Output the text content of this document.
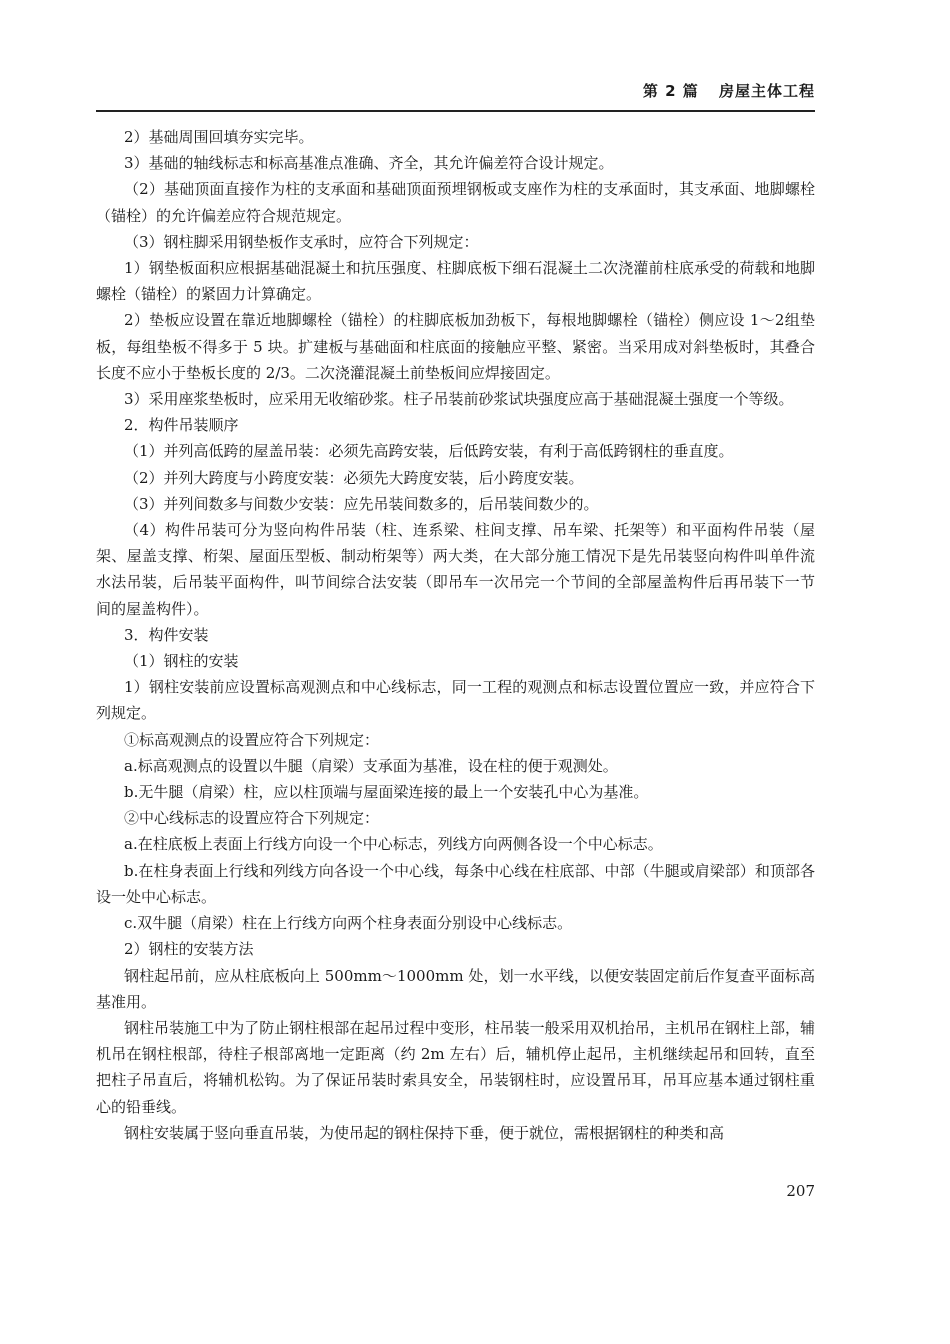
第 2 篇 房屋主体工程

2）基础周围回填夯实完毕。

3）基础的轴线标志和标高基准点准确、齐全，其允许偏差符合设计规定。

（2）基础顶面直接作为柱的支承面和基础顶面预埋钢板或支座作为柱的支承面时，其支承面、地脚螺栓（锚栓）的允许偏差应符合规范规定。

（3）钢柱脚采用钢垫板作支承时，应符合下列规定：

1）钢垫板面积应根据基础混凝土和抗压强度、柱脚底板下细石混凝土二次浇灌前柱底承受的荷载和地脚螺栓（锚栓）的紧固力计算确定。

2）垫板应设置在靠近地脚螺栓（锚栓）的柱脚底板加劲板下，每根地脚螺栓（锚栓）侧应设 1～2组垫板，每组垫板不得多于 5 块。扩建板与基础面和柱底面的接触应平整、紧密。当采用成对斜垫板时，其叠合长度不应小于垫板长度的 2/3。二次浇灌混凝土前垫板间应焊接固定。

3）采用座浆垫板时，应采用无收缩砂浆。柱子吊装前砂浆试块强度应高于基础混凝土强度一个等级。

2．构件吊装顺序

（1）并列高低跨的屋盖吊装：必须先高跨安装，后低跨安装，有利于高低跨钢柱的垂直度。

（2）并列大跨度与小跨度安装：必须先大跨度安装，后小跨度安装。

（3）并列间数多与间数少安装：应先吊装间数多的，后吊装间数少的。

（4）构件吊装可分为竖向构件吊装（柱、连系梁、柱间支撑、吊车梁、托架等）和平面构件吊装（屋架、屋盖支撑、桁架、屋面压型板、制动桁架等）两大类，在大部分施工情况下是先吊装竖向构件叫单件流水法吊装，后吊装平面构件，叫节间综合法安装（即吊车一次吊完一个节间的全部屋盖构件后再吊装下一节间的屋盖构件）。

3．构件安装

（1）钢柱的安装

1）钢柱安装前应设置标高观测点和中心线标志，同一工程的观测点和标志设置位置应一致，并应符合下列规定。

①标高观测点的设置应符合下列规定：

a.标高观测点的设置以牛腿（肩梁）支承面为基准，设在柱的便于观测处。

b.无牛腿（肩梁）柱，应以柱顶端与屋面梁连接的最上一个安装孔中心为基准。

②中心线标志的设置应符合下列规定：

a.在柱底板上表面上行线方向设一个中心标志，列线方向两侧各设一个中心标志。

b.在柱身表面上行线和列线方向各设一个中心线，每条中心线在柱底部、中部（牛腿或肩梁部）和顶部各设一处中心标志。

c.双牛腿（肩梁）柱在上行线方向两个柱身表面分别设中心线标志。

2）钢柱的安装方法

钢柱起吊前，应从柱底板向上 500mm～1000mm 处，划一水平线，以便安装固定前后作复查平面标高基准用。

钢柱吊装施工中为了防止钢柱根部在起吊过程中变形，柱吊装一般采用双机抬吊，主机吊在钢柱上部，辅机吊在钢柱根部，待柱子根部离地一定距离（约 2m 左右）后，辅机停止起吊，主机继续起吊和回转，直至把柱子吊直后，将辅机松钩。为了保证吊装时索具安全，吊装钢柱时，应设置吊耳，吊耳应基本通过钢柱重心的铅垂线。

钢柱安装属于竖向垂直吊装，为使吊起的钢柱保持下垂，便于就位，需根据钢柱的种类和高

207
